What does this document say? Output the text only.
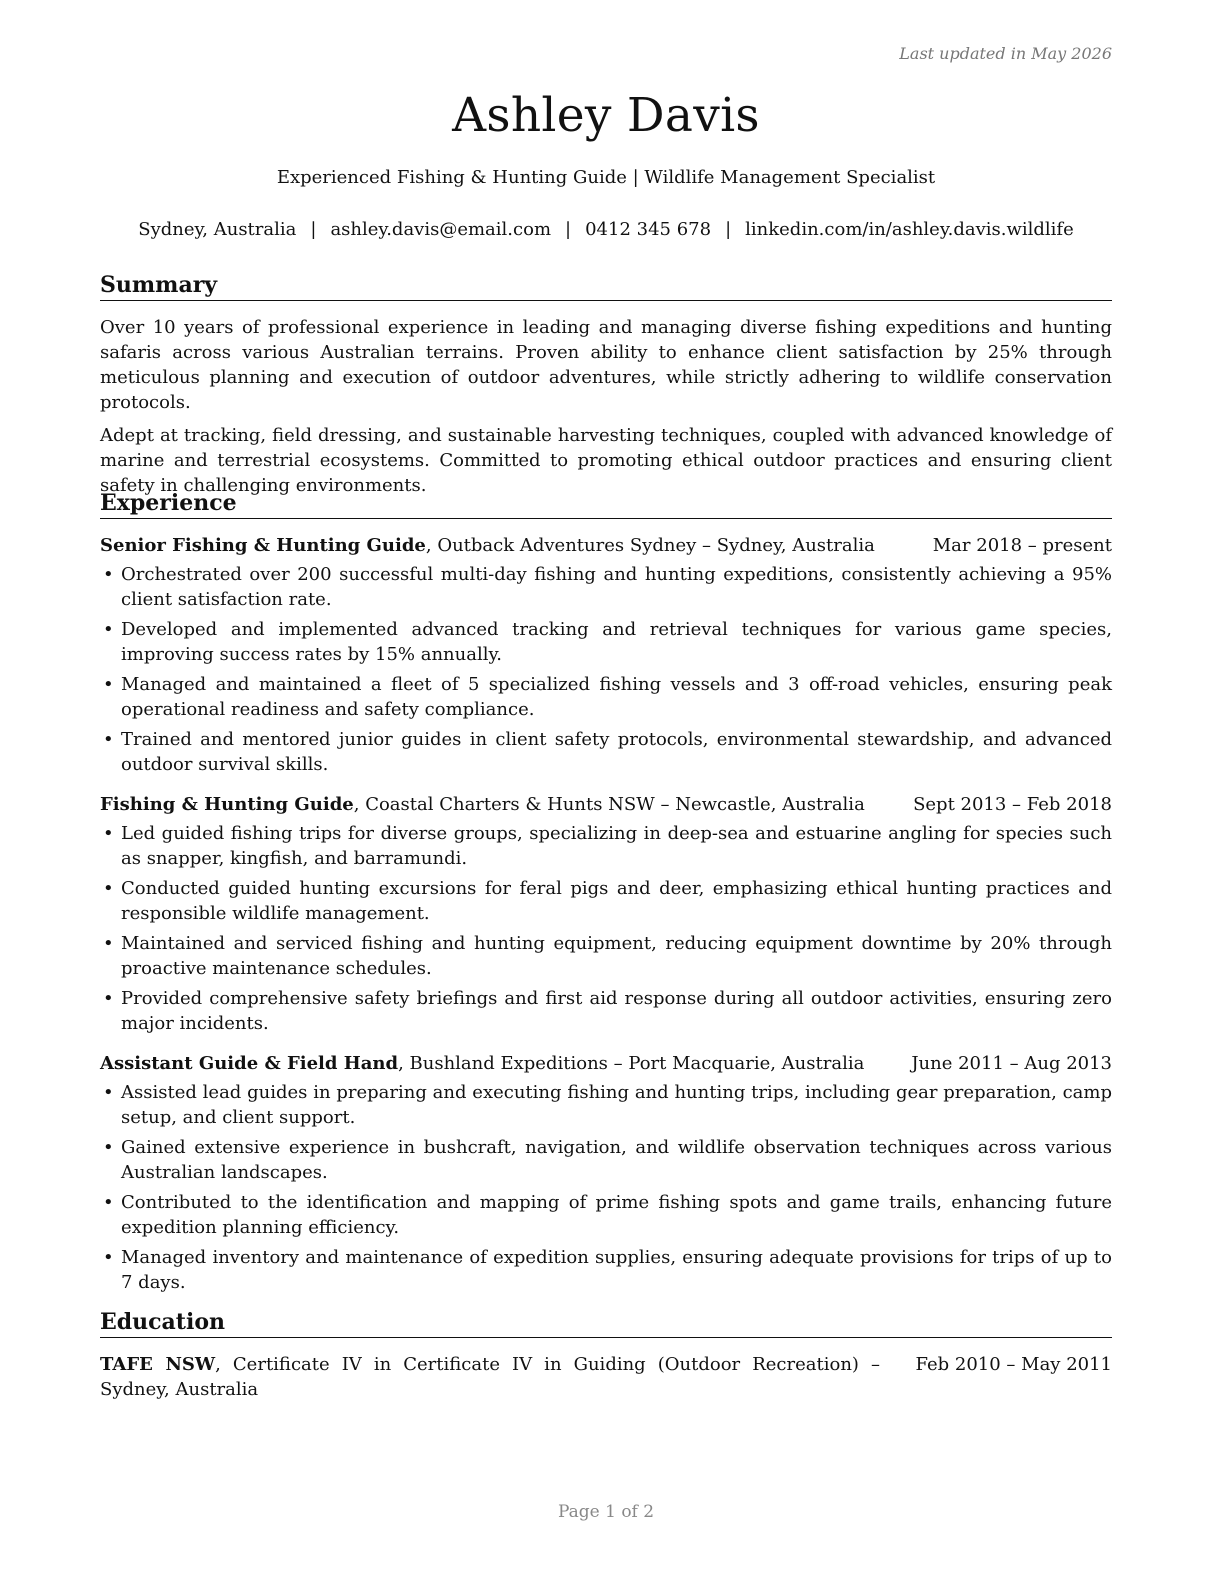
Last updated in May 2026
Ashley Davis
Experienced Fishing & Hunting Guide | Wildlife Management Specialist
Sydney, Australia | ashley.davis@email.com | 0412 345 678 | linkedin.com/in/ashley.davis.wildlife
Summary

Over 10 years of professional experience in leading and managing diverse fishing expeditions and hunting safaris across various Australian terrains. Proven ability to enhance client satisfaction by 25% through meticulous planning and execution of outdoor adventures, while strictly adhering to wildlife conservation protocols.

Adept at tracking, field dressing, and sustainable harvesting techniques, coupled with advanced knowledge of marine and terrestrial ecosystems. Committed to promoting ethical outdoor practices and ensuring client safety in challenging environments.

Experience
Senior Fishing & Hunting Guide, Outback Adventures Sydney – Sydney, Australia	Mar 2018 – present
• Orchestrated over 200 successful multi-day fishing and hunting expeditions, consistently achieving a 95% client satisfaction rate.
• Developed and implemented advanced tracking and retrieval techniques for various game species, improving success rates by 15% annually.
• Managed and maintained a fleet of 5 specialized fishing vessels and 3 off-road vehicles, ensuring peak operational readiness and safety compliance.
• Trained and mentored junior guides in client safety protocols, environmental stewardship, and advanced outdoor survival skills.
Fishing & Hunting Guide, Coastal Charters & Hunts NSW – Newcastle, Australia	Sept 2013 – Feb 2018
• Led guided fishing trips for diverse groups, specializing in deep-sea and estuarine angling for species such as snapper, kingfish, and barramundi.
• Conducted guided hunting excursions for feral pigs and deer, emphasizing ethical hunting practices and responsible wildlife management.
• Maintained and serviced fishing and hunting equipment, reducing equipment downtime by 20% through proactive maintenance schedules.
• Provided comprehensive safety briefings and first aid response during all outdoor activities, ensuring zero major incidents.
Assistant Guide & Field Hand, Bushland Expeditions – Port Macquarie, Australia	June 2011 – Aug 2013
• Assisted lead guides in preparing and executing fishing and hunting trips, including gear preparation, camp setup, and client support.
• Gained extensive experience in bushcraft, navigation, and wildlife observation techniques across various Australian landscapes.
• Contributed to the identification and mapping of prime fishing spots and game trails, enhancing future expedition planning efficiency.
• Managed inventory and maintenance of expedition supplies, ensuring adequate provisions for trips of up to 7 days.
Education
TAFE NSW, Certificate IV in Certificate IV in Guiding (Outdoor Recreation) – Sydney, Australia
Feb 2010 – May 2011
Page 1 of 2
